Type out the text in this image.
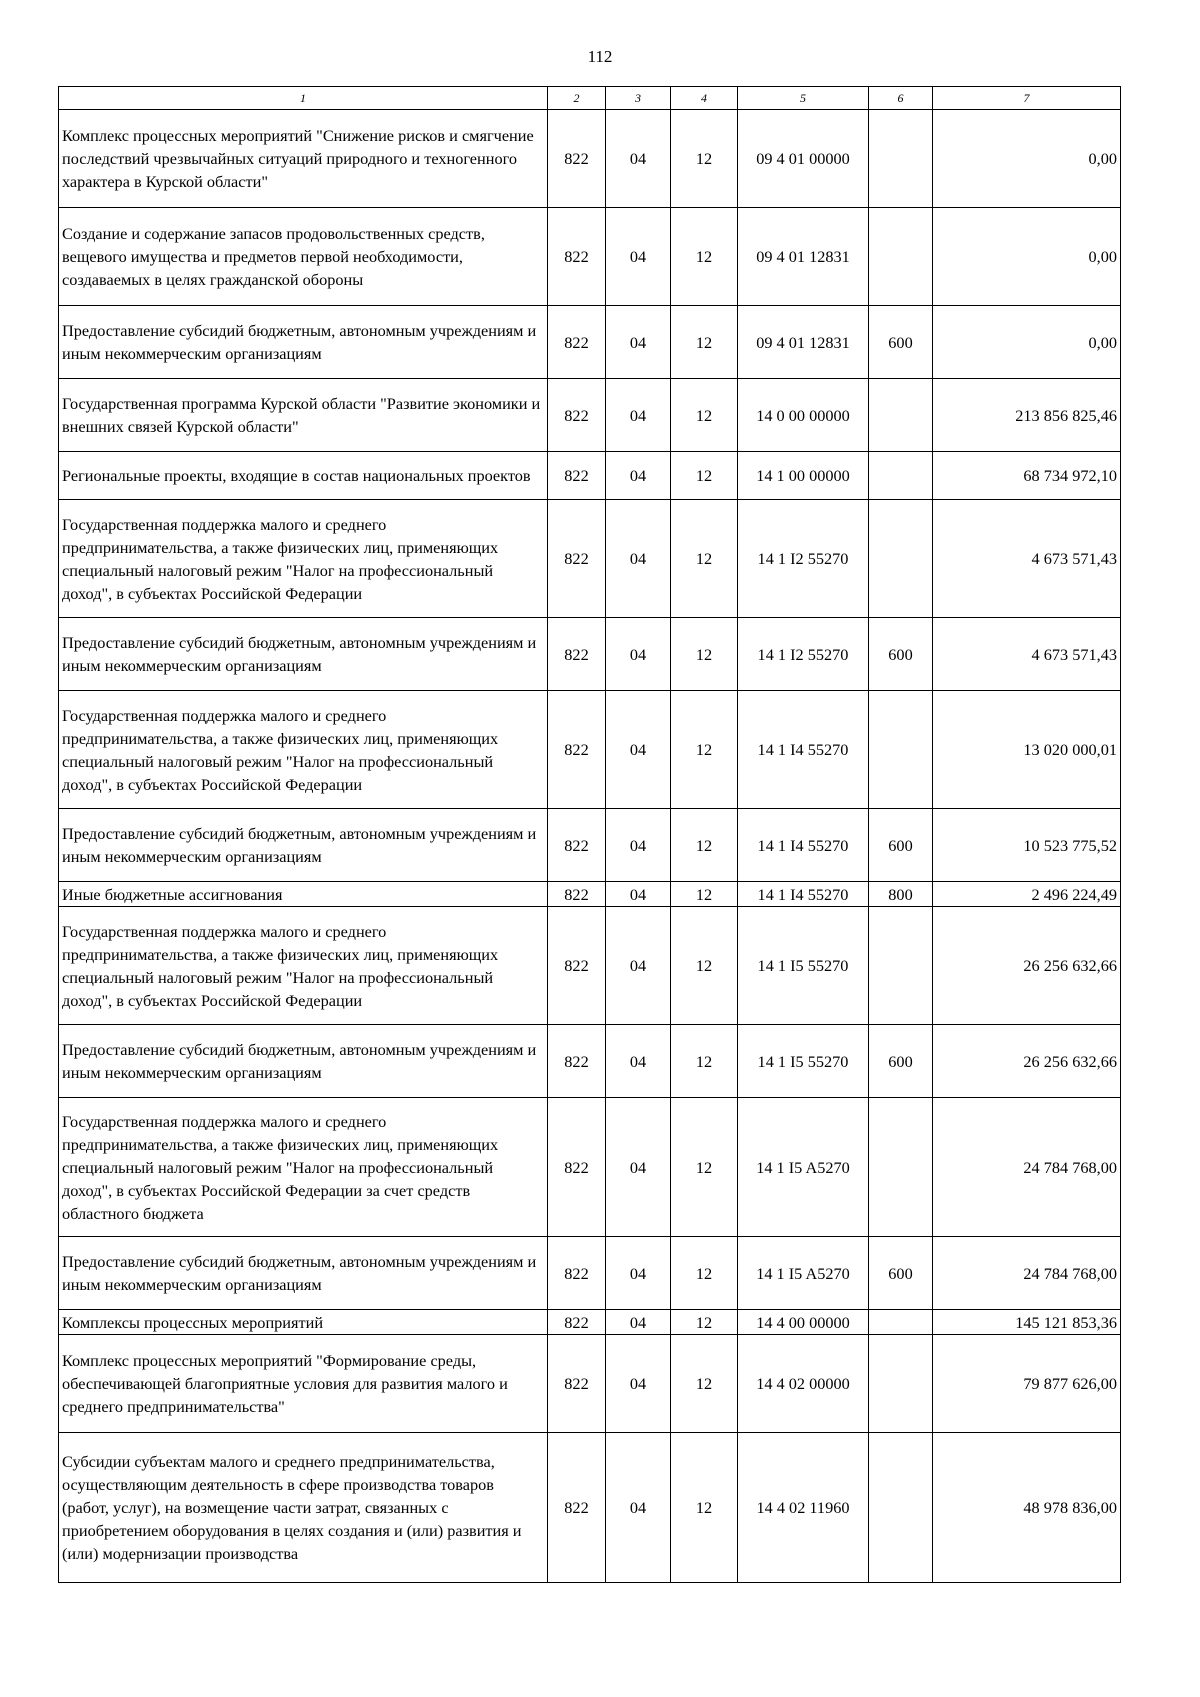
112
1	2	3	4	5	6	7
Комплекс процессных мероприятий "Снижение рисков и смягчение последствий чрезвычайных ситуаций природного и техногенного характера в Курской области"	822	04	12	09 4 01 00000		0,00
Создание и содержание запасов продовольственных средств, вещевого имущества и предметов первой необходимости, создаваемых в целях гражданской обороны	822	04	12	09 4 01 12831		0,00
Предоставление субсидий бюджетным, автономным учреждениям и иным некоммерческим организациям	822	04	12	09 4 01 12831	600	0,00
Государственная программа Курской области "Развитие экономики и внешних связей Курской области"	822	04	12	14 0 00 00000		213 856 825,46
Региональные проекты, входящие в состав национальных проектов	822	04	12	14 1 00 00000		68 734 972,10
Государственная поддержка малого и среднего предпринимательства, а также физических лиц, применяющих специальный налоговый режим "Налог на профессиональный доход", в субъектах Российской Федерации	822	04	12	14 1 I2 55270		4 673 571,43
Предоставление субсидий бюджетным, автономным учреждениям и иным некоммерческим организациям	822	04	12	14 1 I2 55270	600	4 673 571,43
Государственная поддержка малого и среднего предпринимательства, а также физических лиц, применяющих специальный налоговый режим "Налог на профессиональный доход", в субъектах Российской Федерации	822	04	12	14 1 I4 55270		13 020 000,01
Предоставление субсидий бюджетным, автономным учреждениям и иным некоммерческим организациям	822	04	12	14 1 I4 55270	600	10 523 775,52
Иные бюджетные ассигнования	822	04	12	14 1 I4 55270	800	2 496 224,49
Государственная поддержка малого и среднего предпринимательства, а также физических лиц, применяющих специальный налоговый режим "Налог на профессиональный доход", в субъектах Российской Федерации	822	04	12	14 1 I5 55270		26 256 632,66
Предоставление субсидий бюджетным, автономным учреждениям и иным некоммерческим организациям	822	04	12	14 1 I5 55270	600	26 256 632,66
Государственная поддержка малого и среднего предпринимательства, а также физических лиц, применяющих специальный налоговый режим "Налог на профессиональный доход", в субъектах Российской Федерации за счет средств областного бюджета	822	04	12	14 1 I5 A5270		24 784 768,00
Предоставление субсидий бюджетным, автономным учреждениям и иным некоммерческим организациям	822	04	12	14 1 I5 A5270	600	24 784 768,00
Комплексы процессных мероприятий	822	04	12	14 4 00 00000		145 121 853,36
Комплекс процессных мероприятий "Формирование среды, обеспечивающей благоприятные условия для развития малого и среднего предпринимательства"	822	04	12	14 4 02 00000		79 877 626,00
Субсидии субъектам малого и среднего предпринимательства, осуществляющим деятельность в сфере производства товаров (работ, услуг), на возмещение части затрат, связанных с приобретением оборудования в целях создания и (или) развития и (или) модернизации производства	822	04	12	14 4 02 11960		48 978 836,00
